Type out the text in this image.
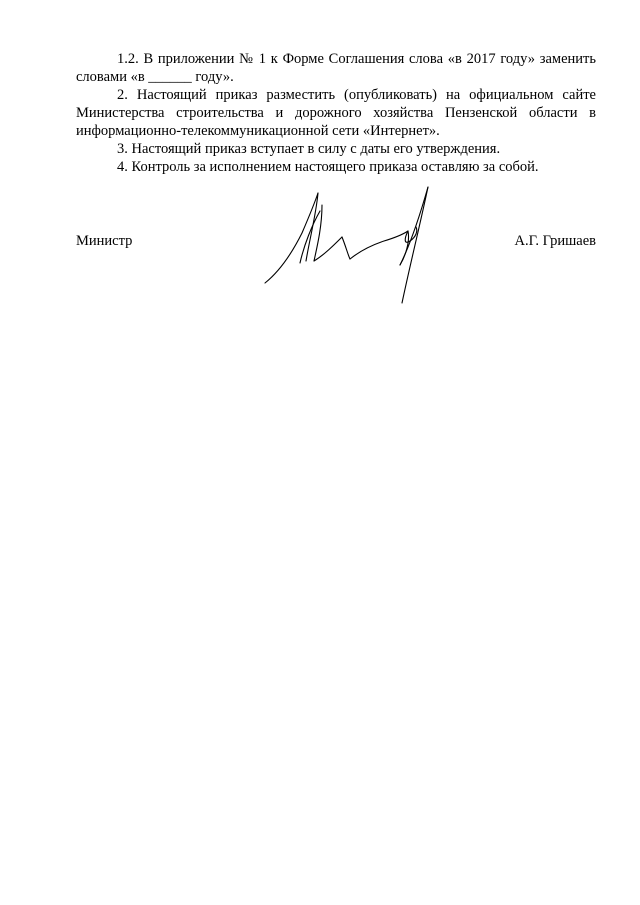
1.2. В приложении № 1 к Форме Соглашения слова «в 2017 году» заменить словами «в ______ году».

2. Настоящий приказ разместить (опубликовать) на официальном сайте Министерства строительства и дорожного хозяйства Пензенской области в информационно-телекоммуникационной сети «Интернет».

3. Настоящий приказ вступает в силу с даты его утверждения.

4. Контроль за исполнением настоящего приказа оставляю за собой.

Министр	А.Г. Гришаев
